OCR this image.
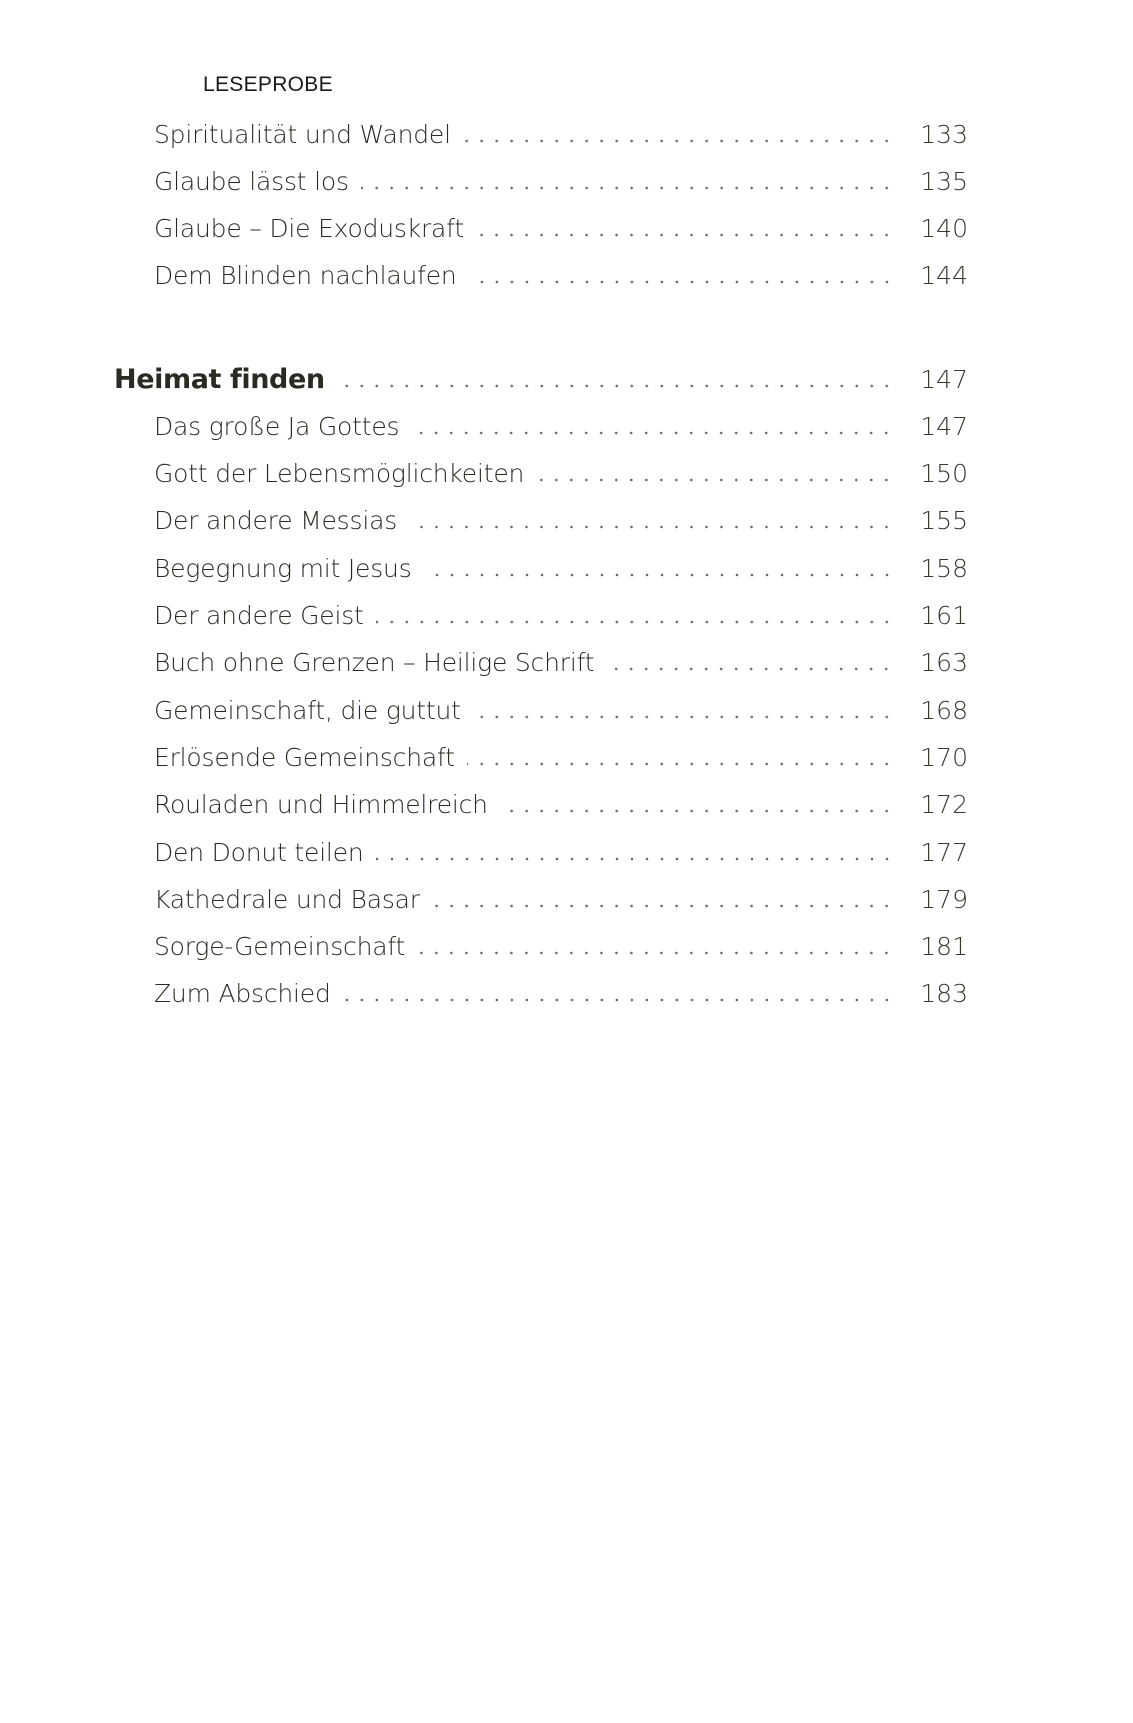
LESEPROBE
Spiritualität und Wandel	133
Glaube lässt los	135
Glaube – Die Exoduskraft	140
Dem Blinden nachlaufen	144
Heimat finden	147
Das große Ja Gottes	147
Gott der Lebensmöglichkeiten	150
Der andere Messias	155
Begegnung mit Jesus	158
Der andere Geist	161
Buch ohne Grenzen – Heilige Schrift	163
Gemeinschaft, die guttut	168
Erlösende Gemeinschaft	170
Rouladen und Himmelreich	172
Den Donut teilen	177
Kathedrale und Basar	179
Sorge-Gemeinschaft	181
Zum Abschied	183
